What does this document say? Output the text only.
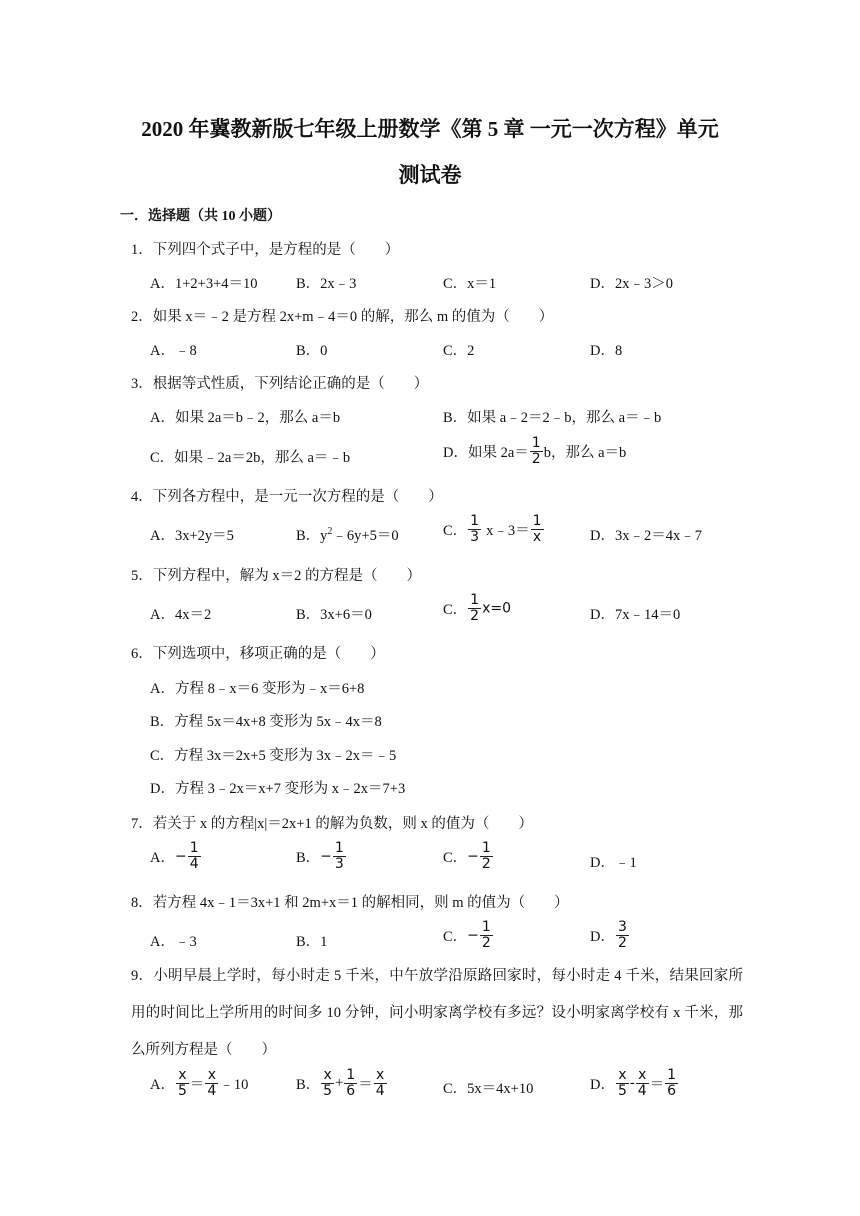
2020 年冀教新版七年级上册数学《第 5 章 一元一次方程》单元
测试卷
一．选择题（共 10 小题）
1．下列四个式子中，是方程的是（　　）
A．1+2+3+4＝10	B．2x﹣3	C．x＝1	D．2x﹣3＞0
2．如果 x＝﹣2 是方程 2x+m﹣4＝0 的解，那么 m 的值为（　　）
A．﹣8	B．0	C．2	D．8
3．根据等式性质，下列结论正确的是（　　）
A．如果 2a＝b﹣2，那么 a＝b	B．如果 a﹣2＝2﹣b，那么 a＝﹣b
C．如果﹣2a＝2b，那么 a＝﹣b	D．如果 $2a= \frac{1}{2}$ b，那么 a＝b
4．下列各方程中，是一元一次方程的是（　　）
A．3x+2y＝5	B．$y^2﹣6y+5=0$	C． $\frac{1}{3}$ x﹣3＝ $\frac{1}{x}$	D．3x﹣2＝4x﹣7
5．下列方程中，解为 x＝2 的方程是（　　）
A．4x＝2	B．3x+6＝0	C． $\frac{1}{2} x=0$	D．7x﹣14＝0
6．下列选项中，移项正确的是（　　）
A．方程 8﹣x＝6 变形为﹣x＝6+8
B．方程 5x＝4x+8 变形为 5x﹣4x＝8
C．方程 3x＝2x+5 变形为 3x﹣2x＝﹣5
D．方程 3﹣2x＝x+7 变形为 x﹣2x＝7+3
7．若关于 x 的方程|x|＝2x+1 的解为负数，则 x 的值为（　　）
A．− $\frac{1}{4}$	B．− $\frac{1}{3}$	C．− $\frac{1}{2}$	D．﹣1
8．若方程 4x﹣1＝3x+1 和 2m+x＝1 的解相同，则 m 的值为（　　）
A．﹣3	B．1	C．− $\frac{1}{2}$	D． $\frac{3}{2}$
9．小明早晨上学时，每小时走 5 千米，中午放学沿原路回家时，每小时走 4 千米，结果回家所用的时间比上学所用的时间多 10 分钟，问小明家离学校有多远？设小明家离学校有 x 千米，那么所列方程是（　　）
A． $\frac{x}{5} = \frac{x}{4}$ ﹣10	B． $\frac{x}{5} + \frac{1}{6} = \frac{x}{4}$	C．5x＝4x+10	D． $\frac{x}{5} - \frac{x}{4} = \frac{1}{6}$
